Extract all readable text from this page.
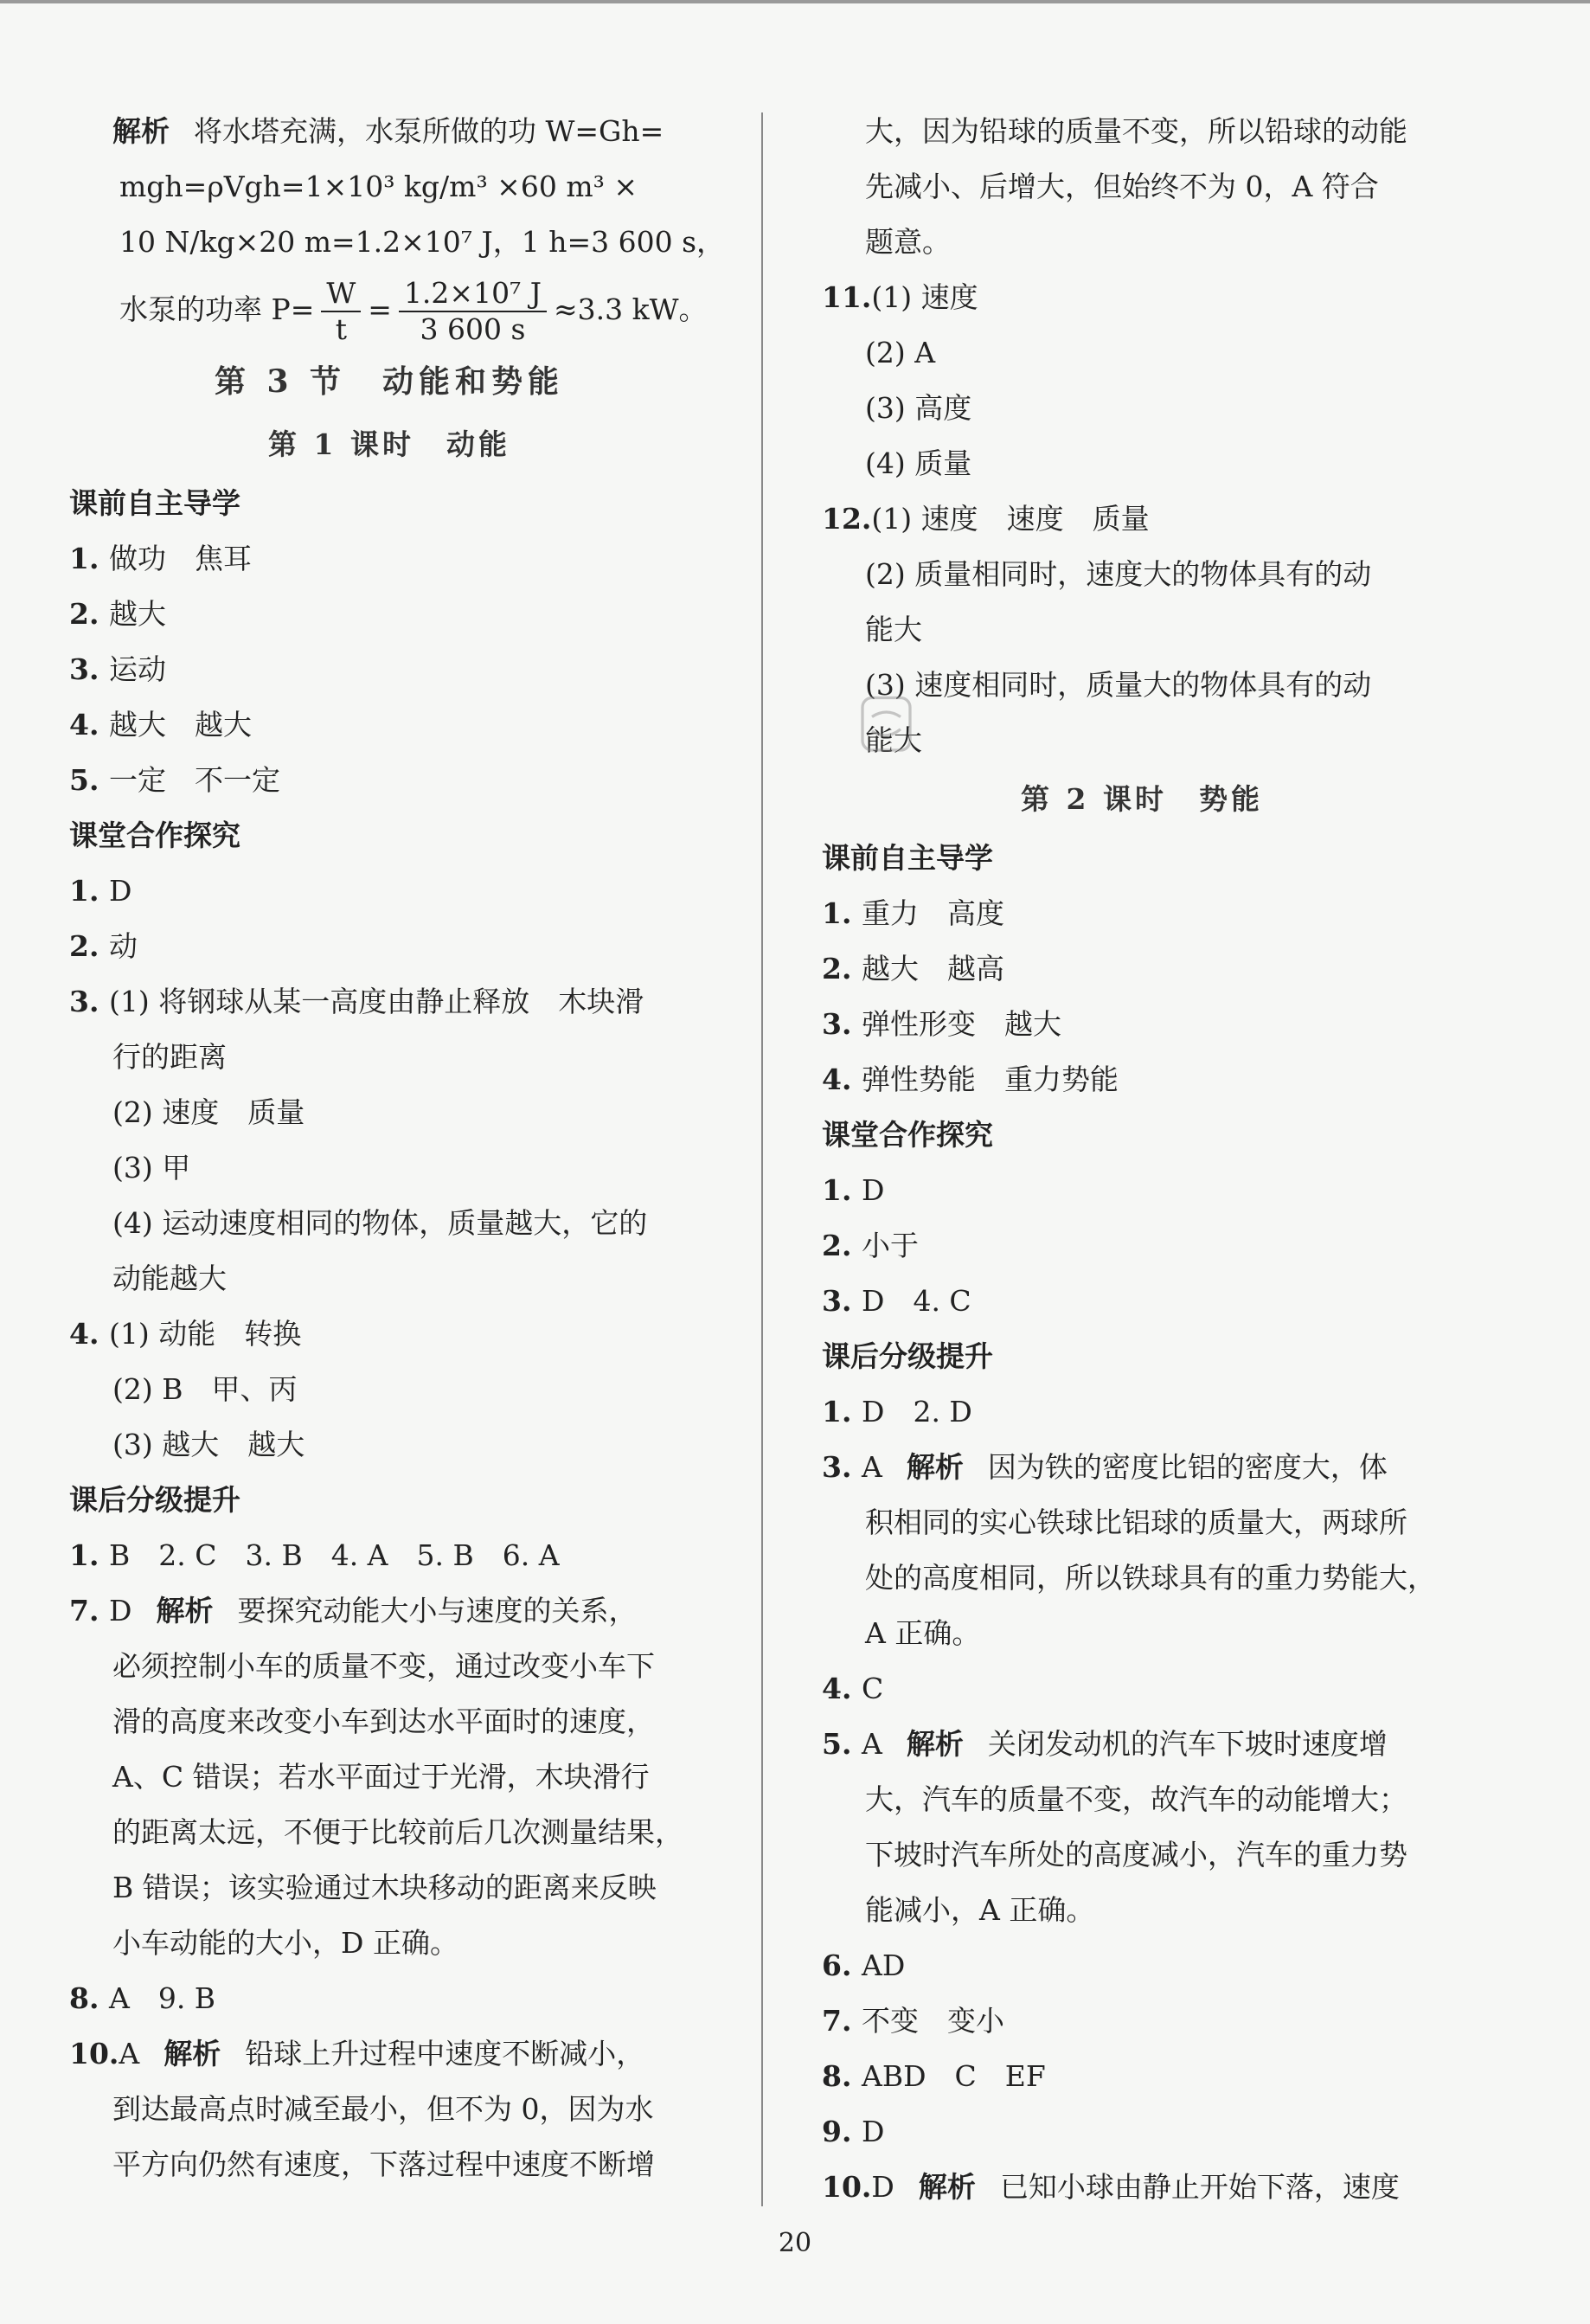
解析 将水塔充满，水泵所做的功 W=Gh=
mgh=ρVgh=1×10³ kg/m³ ×60 m³ ×
10 N/kg×20 m=1.2×10⁷ J，1 h=3 600 s，
水泵的功率 $P= \frac{W}{t} = \frac{\text{1.2×10⁷ J}}{3 600 s} \approx 3.3$ kW。
第 3 节　动能和势能
第 1 课时　动能
课前自主导学
1. 做功　焦耳
2. 越大
3. 运动
4. 越大　越大
5. 一定　不一定
课堂合作探究
1. D
2. 动
3. (1) 将钢球从某一高度由静止释放　木块滑
行的距离
(2) 速度　质量
(3) 甲
(4) 运动速度相同的物体，质量越大，它的
动能越大
4. (1) 动能　转换
(2) B　甲、丙
(3) 越大　越大
课后分级提升
1. B　2. C　3. B　4. A　5. B　6. A
7. D 解析 要探究动能大小与速度的关系，
必须控制小车的质量不变，通过改变小车下
滑的高度来改变小车到达水平面时的速度，
A、C 错误；若水平面过于光滑，木块滑行
的距离太远，不便于比较前后几次测量结果，
B 错误；该实验通过木块移动的距离来反映
小车动能的大小，D 正确。
8. A　9. B
10.A 解析 铅球上升过程中速度不断减小，
到达最高点时减至最小，但不为 0，因为水
平方向仍然有速度，下落过程中速度不断增
大，因为铅球的质量不变，所以铅球的动能
先减小、后增大，但始终不为 0，A 符合
题意。
11.(1) 速度
(2) A
(3) 高度
(4) 质量
12.(1) 速度　速度　质量
(2) 质量相同时，速度大的物体具有的动
能大
(3) 速度相同时，质量大的物体具有的动
能大
第 2 课时　势能
课前自主导学
1. 重力　高度
2. 越大　越高
3. 弹性形变　越大
4. 弹性势能　重力势能
课堂合作探究
1. D
2. 小于
3. D　4. C
课后分级提升
1. D　2. D
3. A 解析 因为铁的密度比铝的密度大，体
积相同的实心铁球比铝球的质量大，两球所
处的高度相同，所以铁球具有的重力势能大，
A 正确。
4. C
5. A 解析 关闭发动机的汽车下坡时速度增
大，汽车的质量不变，故汽车的动能增大；
下坡时汽车所处的高度减小，汽车的重力势
能减小，A 正确。
6. AD
7. 不变　变小
8. ABD　C　EF
9. D
10.D 解析 已知小球由静止开始下落，速度
20
